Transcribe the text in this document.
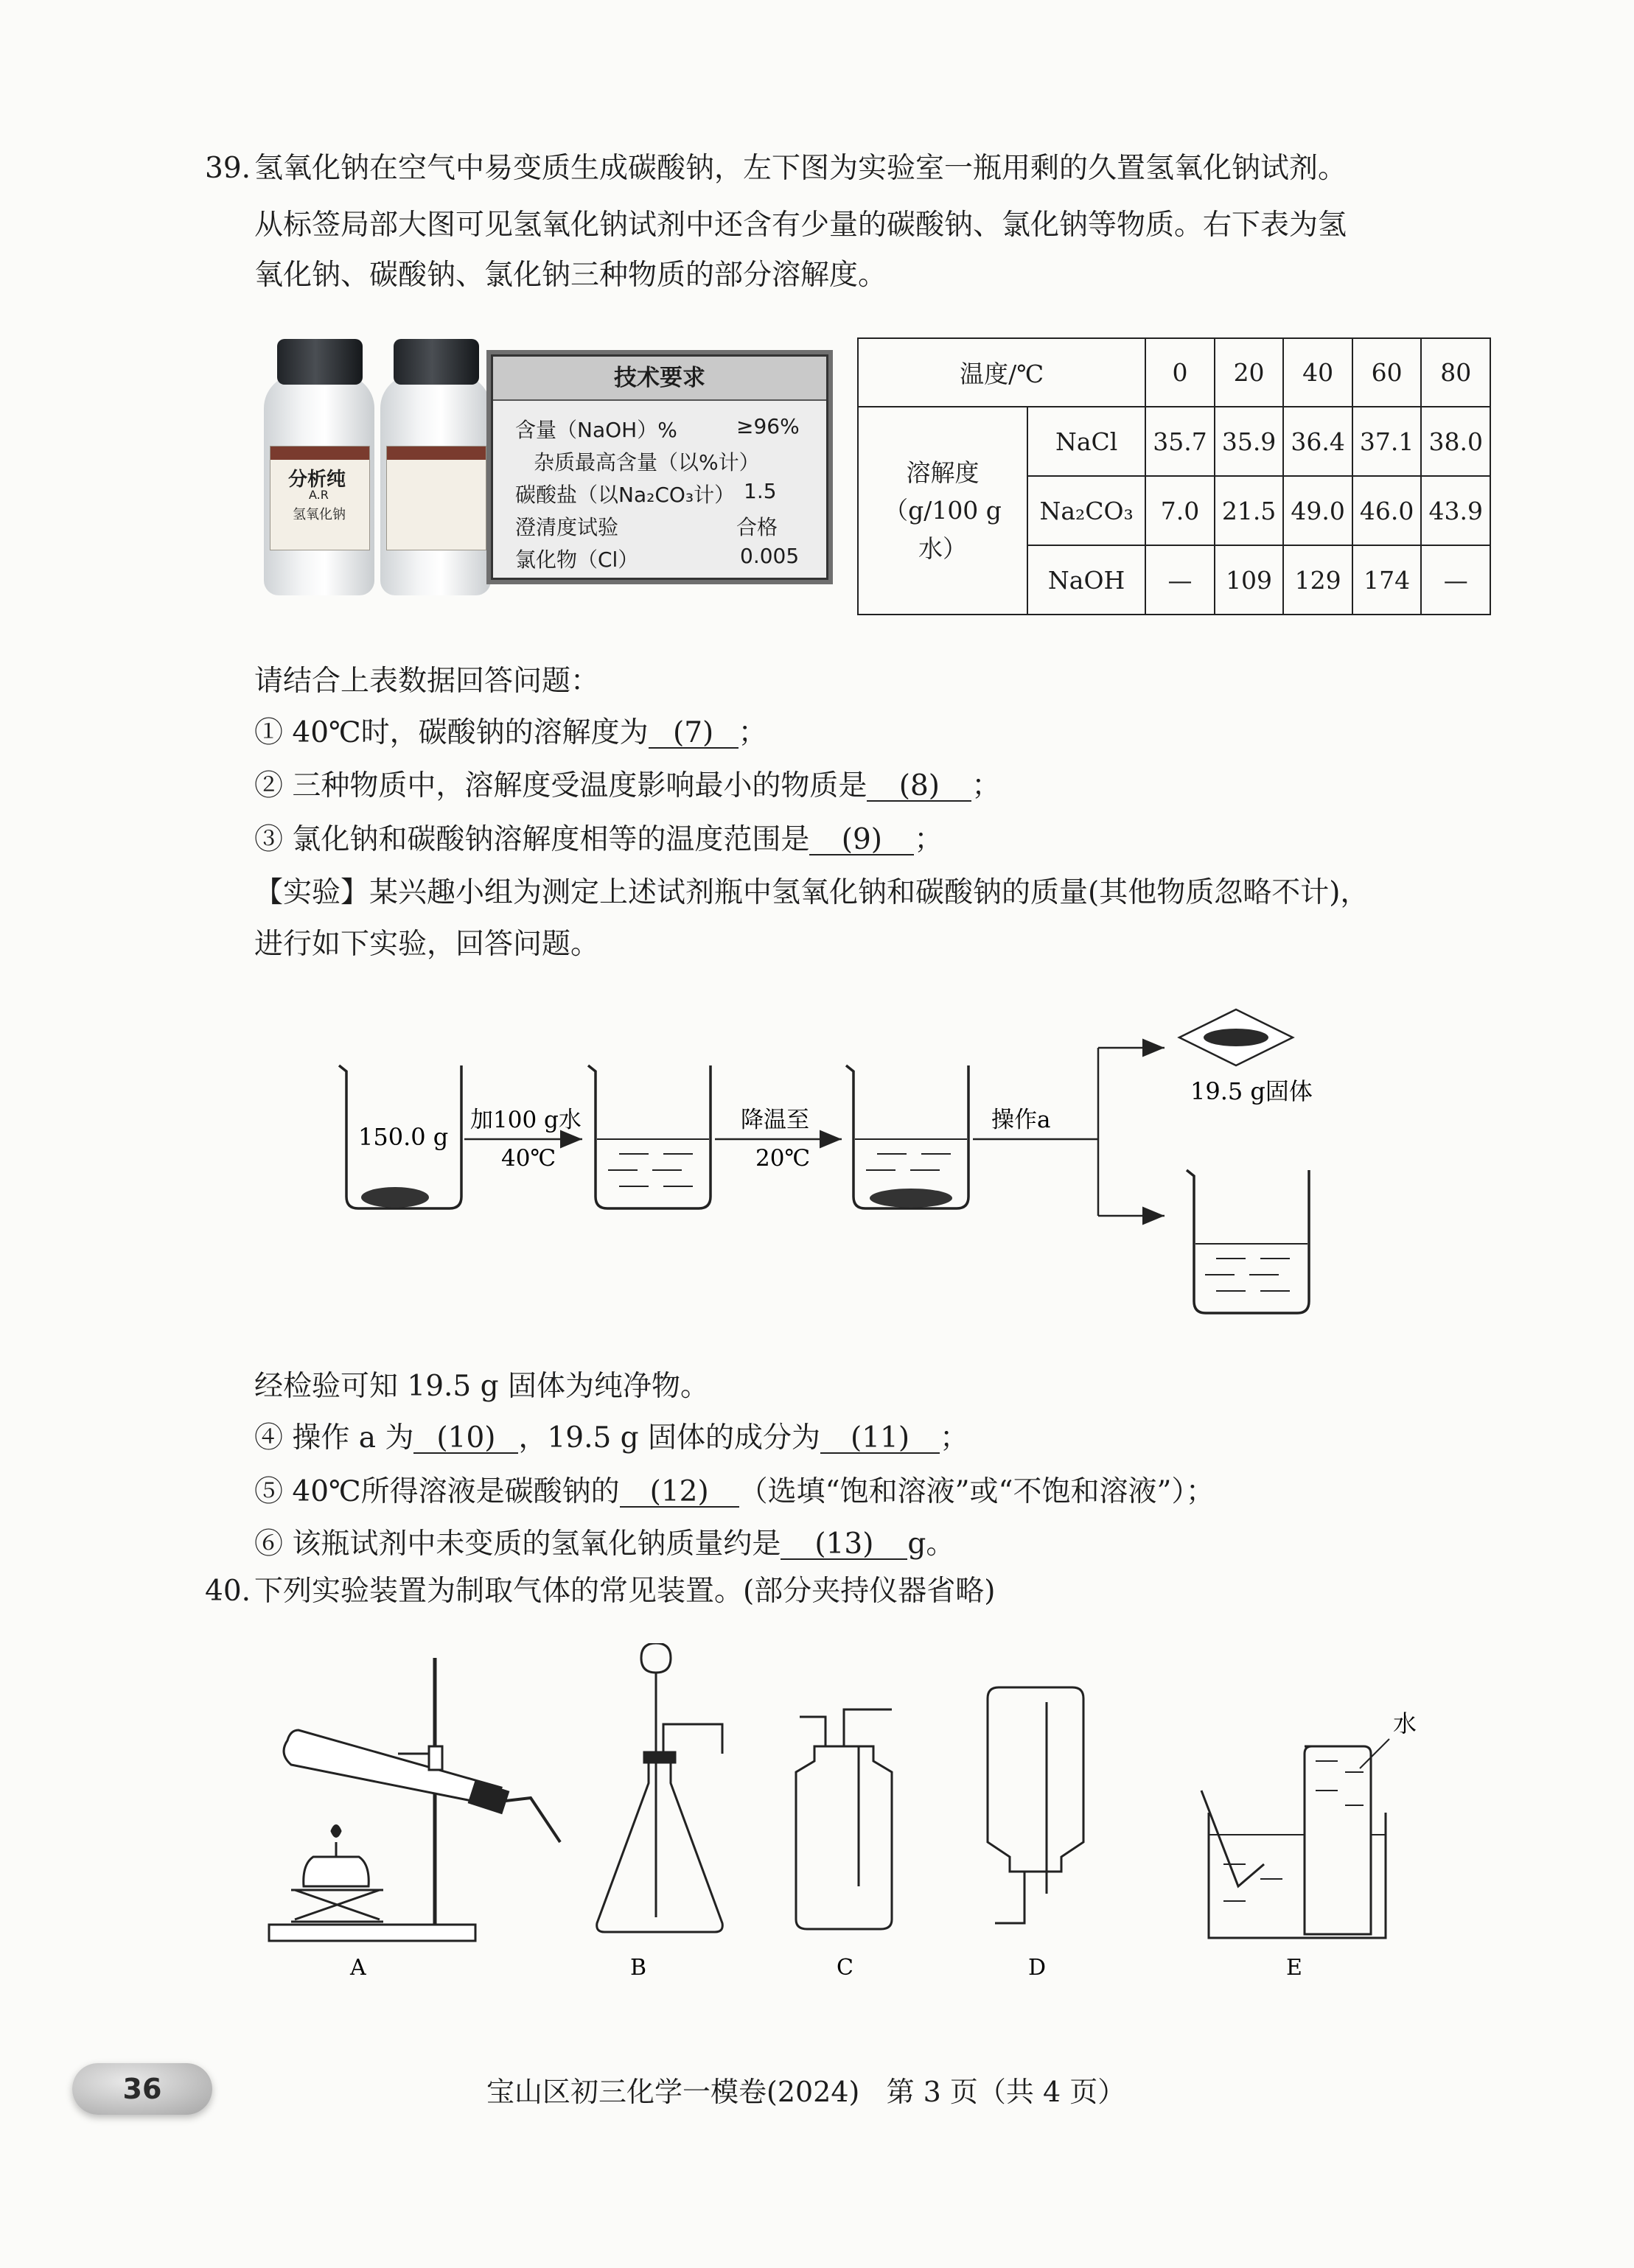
39. 氢氧化钠在空气中易变质生成碳酸钠，左下图为实验室一瓶用剩的久置氢氧化钠试剂。
从标签局部大图可见氢氧化钠试剂中还含有少量的碳酸钠、氯化钠等物质。右下表为氢
氧化钠、碳酸钠、氯化钠三种物质的部分溶解度。
分析纯
A.R
氢氧化钠
技术要求
含量（NaOH）%	≥96%
杂质最高含量（以%计）
碳酸盐（以Na₂CO₃计） 1.5
澄清度试验	合格
氯化物（Cl）	0.005
温度/℃		0	20	40	60	80

溶解度（g/100 g水）	NaCl	35.7	35.9	36.4	37.1	38.0
	Na₂CO₃	7.0	21.5	49.0	46.0	43.9
	NaOH	—	109	129	174	—
请结合上表数据回答问题：
① 40℃时，碳酸钠的溶解度为 (7) ；
② 三种物质中，溶解度受温度影响最小的物质是 (8) ；
③ 氯化钠和碳酸钠溶解度相等的温度范围是 (9) ；
【实验】某兴趣小组为测定上述试剂瓶中氢氧化钠和碳酸钠的质量(其他物质忽略不计)，
进行如下实验，回答问题。
150.0 g
加100 g水
40℃
降温至
20℃
操作a
19.5 g固体
经检验可知 19.5 g 固体为纯净物。
④ 操作 a 为 (10) ，19.5 g 固体的成分为 (11) ；
⑤ 40℃所得溶液是碳酸钠的 (12) （选填“饱和溶液”或“不饱和溶液”）；
⑥ 该瓶试剂中未变质的氢氧化钠质量约是 (13) g。
40. 下列实验装置为制取气体的常见装置。(部分夹持仪器省略)
水
A	B	C	D	E
36	宝山区初三化学一模卷(2024)   第 3 页（共 4 页）
